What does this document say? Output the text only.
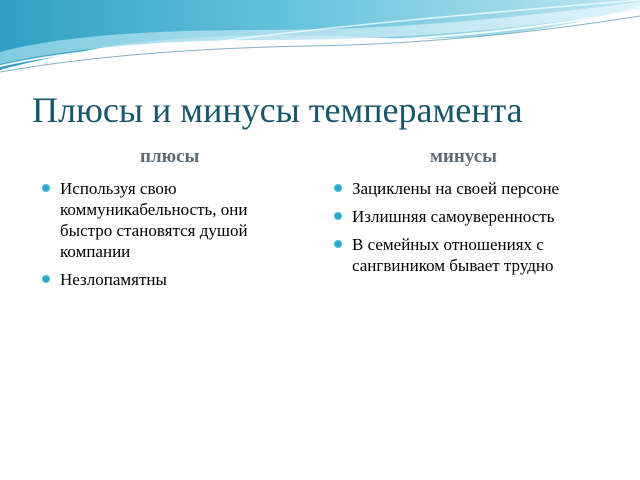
Плюсы и минусы темперамента
плюсы	минусы
Используя свою коммуникабельность, они быстро становятся душой компании
Незлопамятны
Зациклены на своей персоне
Излишняя самоуверенность
В семейных отношениях с сангвиником бывает трудно
